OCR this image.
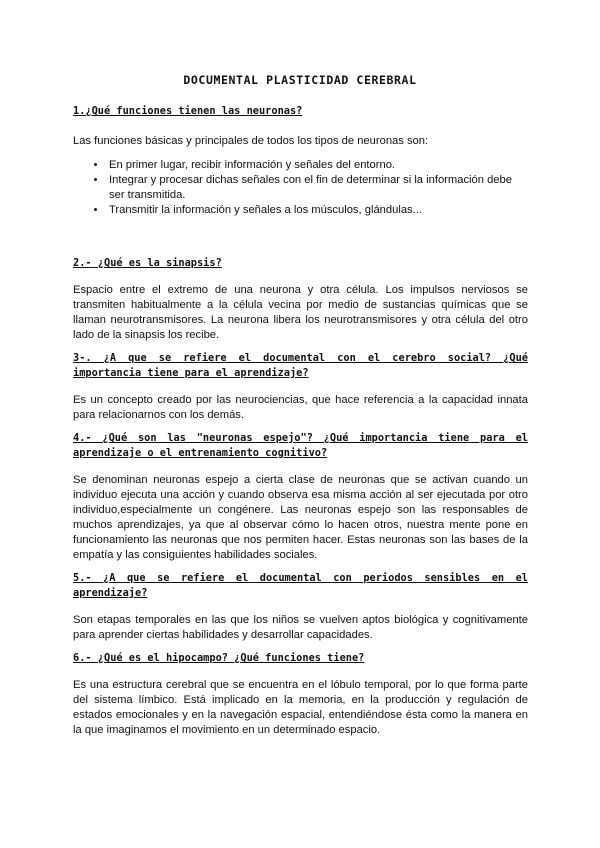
DOCUMENTAL PLASTICIDAD CEREBRAL

1.¿Qué funciones tienen las neuronas?

Las funciones básicas y principales de todos los tipos de neuronas son:

• En primer lugar, recibir información y señales del entorno.
• Integrar y procesar dichas señales con el fin de determinar si la información debe ser transmitida.
• Transmitir la información y señales a los músculos, glándulas...

2.- ¿Qué es la sinapsis?

Espacio entre el extremo de una neurona y otra célula. Los impulsos nerviosos se transmiten habitualmente a la célula vecina por medio de sustancias químicas que se llaman neurotransmisores. La neurona libera los neurotransmisores y otra célula del otro lado de la sinapsis los recibe.

3-. ¿A que se refiere el documental con el cerebro social? ¿Qué importancia tiene para el aprendizaje?

Es un concepto creado por las neurociencias, que hace referencia a la capacidad innata para relacionarnos con los demás.

4.- ¿Qué son las "neuronas espejo"? ¿Qué importancia tiene para el aprendizaje o el entrenamiento cognitivo?

Se denominan neuronas espejo a cierta clase de neuronas que se activan cuando un individuo ejecuta una acción y cuando observa esa misma acción al ser ejecutada por otro individuo,especialmente un congénere. Las neuronas espejo son las responsables de muchos aprendizajes, ya que al observar cómo lo hacen otros, nuestra mente pone en funcionamiento las neuronas que nos permiten hacer. Estas neuronas son las bases de la empatía y las consiguientes habilidades sociales.

5.- ¿A que se refiere el documental con periodos sensibles en el aprendizaje?

Son etapas temporales en las que los niños se vuelven aptos biológica y cognitivamente para aprender ciertas habilidades y desarrollar capacidades.

6.- ¿Qué es el hipocampo? ¿Qué funciones tiene?

Es una estructura cerebral que se encuentra en el lóbulo temporal, por lo que forma parte del sistema límbico. Está implicado en la memoria, en la producción y regulación de estados emocionales y en la navegación espacial, entendiéndose ésta como la manera en la que imaginamos el movimiento en un determinado espacio.
